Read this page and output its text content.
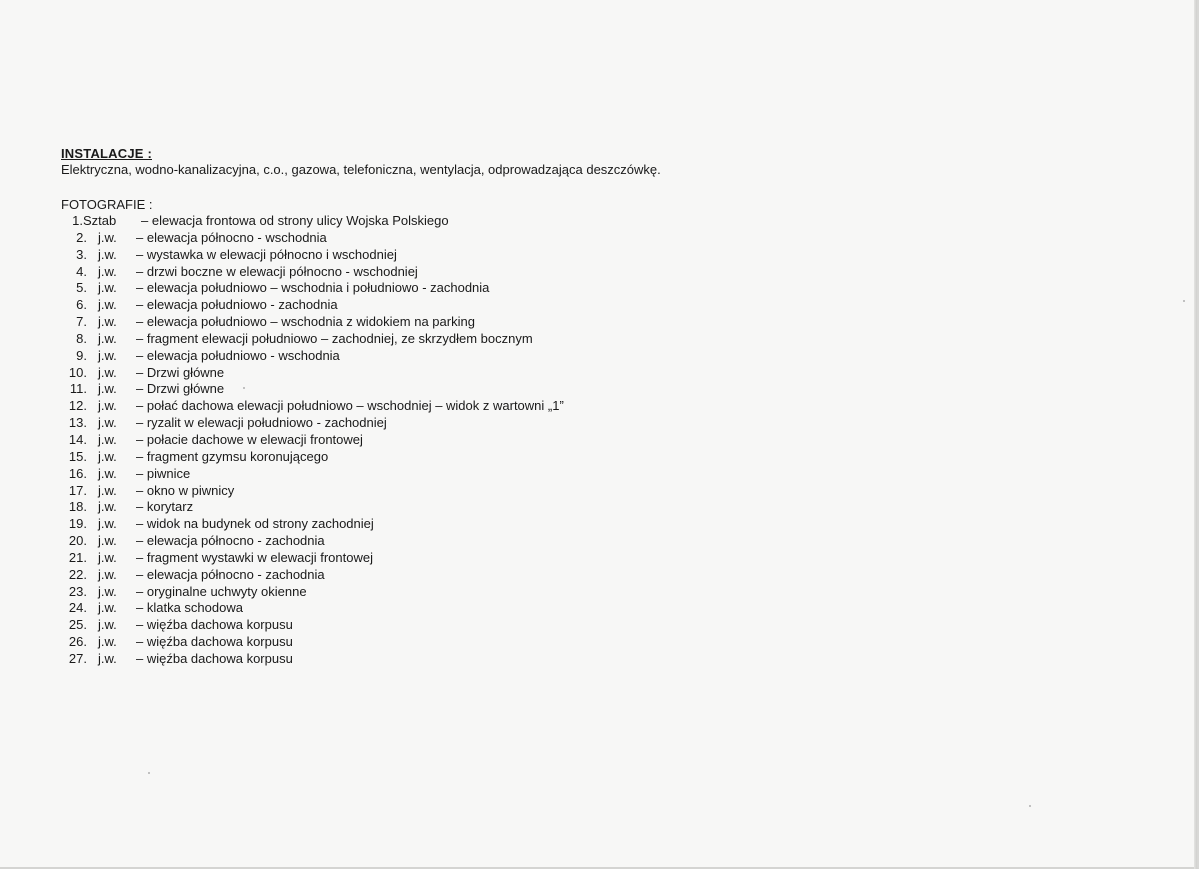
INSTALACJE :
Elektryczna, wodno-kanalizacyjna, c.o., gazowa, telefoniczna, wentylacja, odprowadzająca deszczówkę.
FOTOGRAFIE :
1.Sztab – elewacja frontowa od strony ulicy Wojska Polskiego
2. j.w. – elewacja północno - wschodnia
3. j.w. – wystawka w elewacji północno i wschodniej
4. j.w. – drzwi boczne w elewacji północno - wschodniej
5. j.w. – elewacja południowo – wschodnia i południowo - zachodnia
6. j.w. – elewacja południowo - zachodnia
7. j.w. – elewacja południowo – wschodnia z widokiem na parking
8. j.w. – fragment elewacji południowo – zachodniej, ze skrzydłem bocznym
9. j.w. – elewacja południowo - wschodnia
10. j.w. – Drzwi główne
11. j.w. – Drzwi główne
12. j.w. – połać dachowa elewacji południowo – wschodniej – widok z wartowni „1”
13. j.w. – ryzalit w elewacji południowo - zachodniej
14. j.w. – połacie dachowe w elewacji frontowej
15. j.w. – fragment gzymsu koronującego
16. j.w. – piwnice
17. j.w. – okno w piwnicy
18. j.w. – korytarz
19. j.w. – widok na budynek od strony zachodniej
20. j.w. – elewacja północno - zachodnia
21. j.w. – fragment wystawki w elewacji frontowej
22. j.w. – elewacja północno - zachodnia
23. j.w. – oryginalne uchwyty okienne
24. j.w. – klatka schodowa
25. j.w. – więźba dachowa korpusu
26. j.w. – więźba dachowa korpusu
27. j.w. – więźba dachowa korpusu
